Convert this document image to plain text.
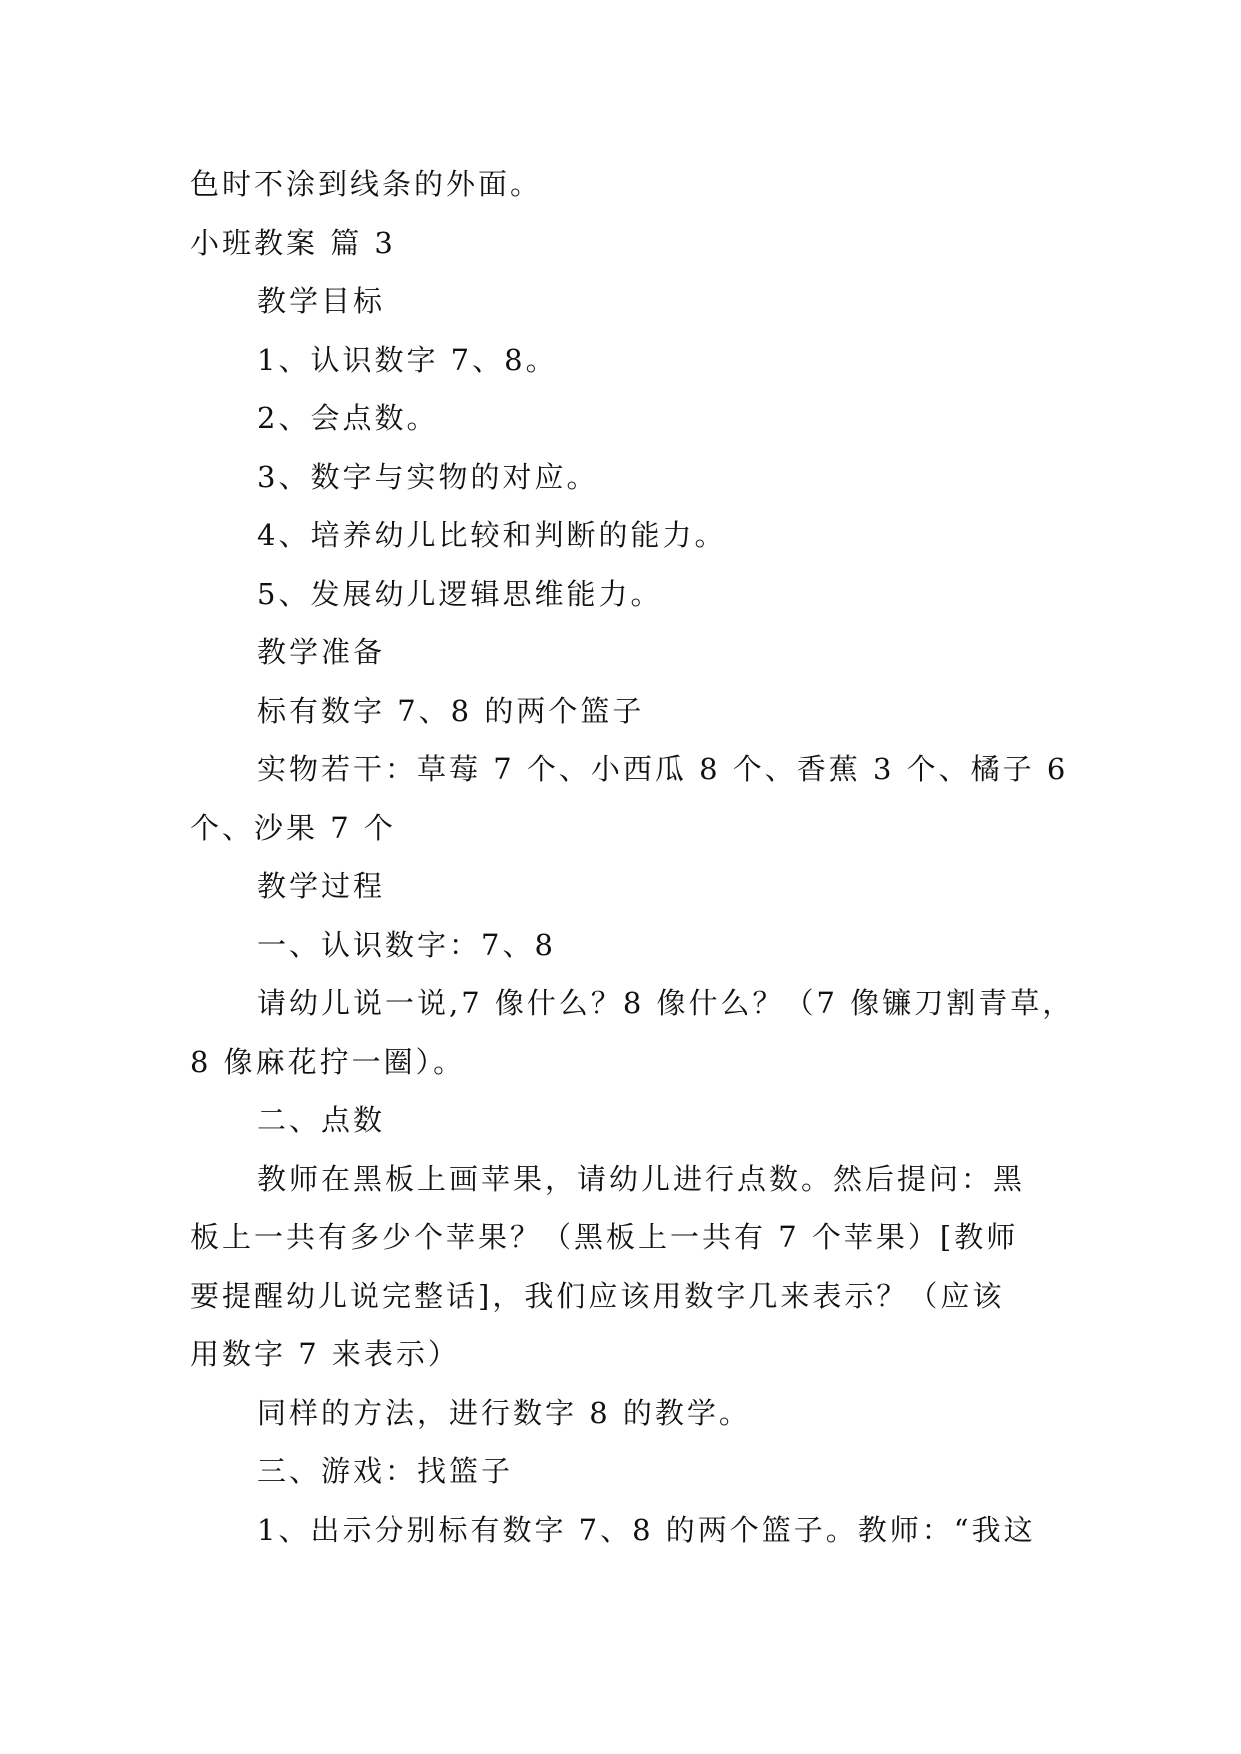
色时不涂到线条的外面。
小班教案 篇 3
教学目标
1、认识数字 7、8。
2、会点数。
3、数字与实物的对应。
4、培养幼儿比较和判断的能力。
5、发展幼儿逻辑思维能力。
教学准备
标有数字 7、8 的两个篮子
实物若干：草莓 7 个、小西瓜 8 个、香蕉 3 个、橘子 6
个、沙果 7 个
教学过程
一、认识数字：7、8
请幼儿说一说,7 像什么？8 像什么？（7 像镰刀割青草，
8 像麻花拧一圈）。
二、点数
教师在黑板上画苹果，请幼儿进行点数。然后提问：黑
板上一共有多少个苹果？（黑板上一共有 7 个苹果）[教师
要提醒幼儿说完整话]，我们应该用数字几来表示？（应该
用数字 7 来表示）
同样的方法，进行数字 8 的教学。
三、游戏：找篮子
1、出示分别标有数字 7、8 的两个篮子。教师：“我这
